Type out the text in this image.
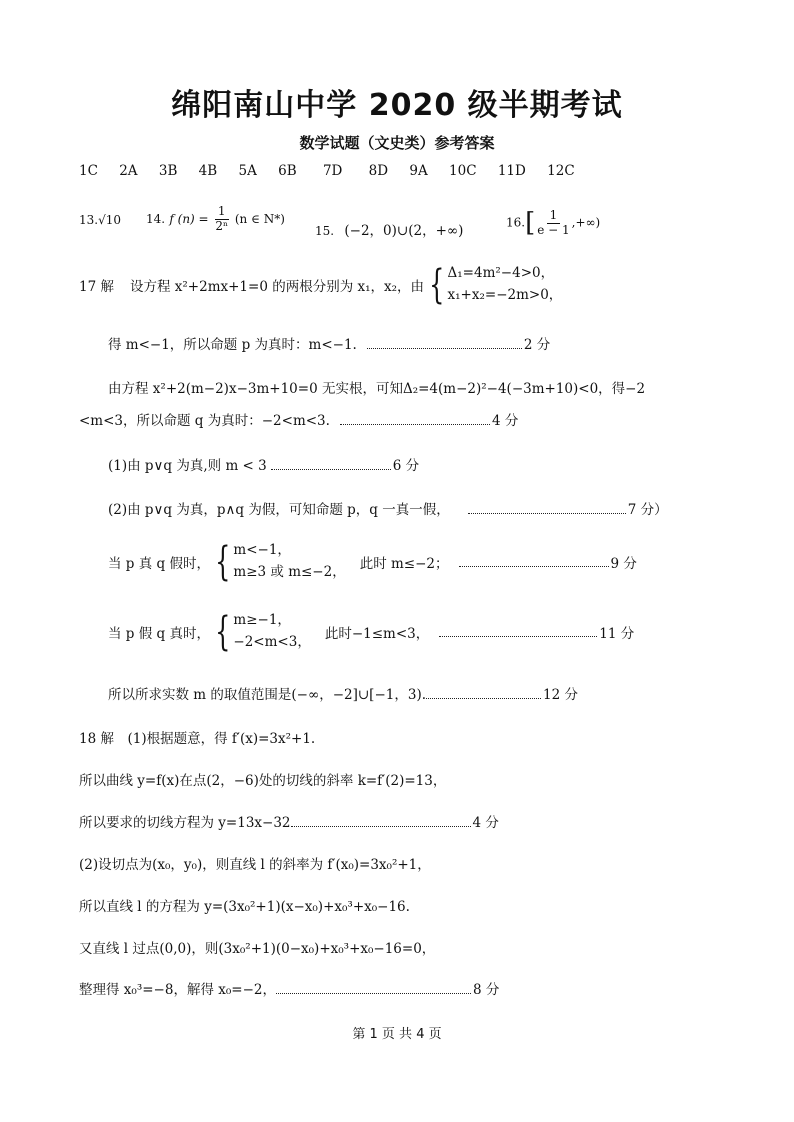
绵阳南山中学 2020 级半期考试
数学试题（文史类）参考答案
1C 2A 3B 4B 5A 6B 7D 8D 9A 10C 11D 12C
13.√10 14. f $(n) = \frac{1}{\text{2ⁿ}} (n$ ∈ N*)
15. (−2，0)∪(2，+∞)
$16.[ \frac{1}{e - 1}$ ,+∞)
17 解 设方程 x²+2mx+1=0 的两根分别为 x₁，x₂，由 { Δ₁=4m²−4>0，
x₁+x₂=−2m>0，
得 m<−1，所以命题 p 为真时：m<−1.	2 分
由方程 x²+2(m−2)x−3m+10=0 无实根，可知Δ₂=4(m−2)²−4(−3m+10)<0，得−2
<m<3，所以命题 q 为真时：−2<m<3.	4 分
(1)由 p∨q 为真,则 m < 3	6 分
(2)由 p∨q 为真，p∧q 为假，可知命题 p，q 一真一假，	7 分）
当 p 真 q 假时， { m<−1，
m≥3 或 m≤−2， 此时 m≤−2；	9 分
当 p 假 q 真时， { m≥−1，
−2<m<3， 此时−1≤m<3，	11 分
所以所求实数 m 的取值范围是(−∞，−2]∪[−1，3).	12 分
18 解　(1)根据题意，得 f′(x)=3x²+1.
所以曲线 y=f(x)在点(2，−6)处的切线的斜率 k=f′(2)=13，
所以要求的切线方程为 y=13x−32	4 分
(2)设切点为(x₀，y₀)，则直线 l 的斜率为 f′(x₀)=3x₀²+1，
所以直线 l 的方程为 y=(3x₀²+1)(x−x₀)+x₀³+x₀−16.
又直线 l 过点(0,0)，则(3x₀²+1)(0−x₀)+x₀³+x₀−16=0，
整理得 x₀³=−8，解得 x₀=−2，	8 分
第 1 页 共 4 页
